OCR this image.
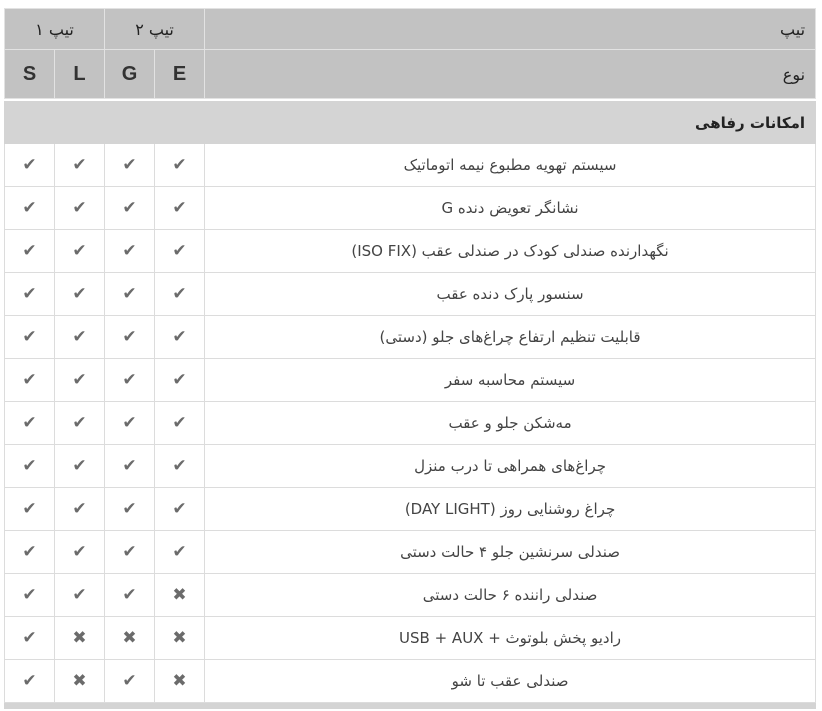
تیپ	تیپ ۲		تیپ ۱	
نوع	E	G	L	S

امکانات رفاهی				
سیستم تهویه مطبوع نیمه اتوماتیک	✔	✔	✔	✔
نشانگر تعویض دنده G	✔	✔	✔	✔
نگهدارنده صندلی کودک در صندلی عقب (ISO FIX)	✔	✔	✔	✔
سنسور پارک دنده عقب	✔	✔	✔	✔
قابلیت تنظیم ارتفاع چراغ‌های جلو (دستی)	✔	✔	✔	✔
سیستم محاسبه سفر	✔	✔	✔	✔
مه‌شکن جلو و عقب	✔	✔	✔	✔
چراغ‌های همراهی تا درب منزل	✔	✔	✔	✔
چراغ روشنایی روز (DAY LIGHT)	✔	✔	✔	✔
صندلی سرنشین جلو ۴ حالت دستی	✔	✔	✔	✔
صندلی راننده ۶ حالت دستی	✖	✔	✔	✔
رادیو پخش بلوتوث + USB + AUX	✖	✖	✖	✔
صندلی عقب تا شو	✖	✔	✖	✔
